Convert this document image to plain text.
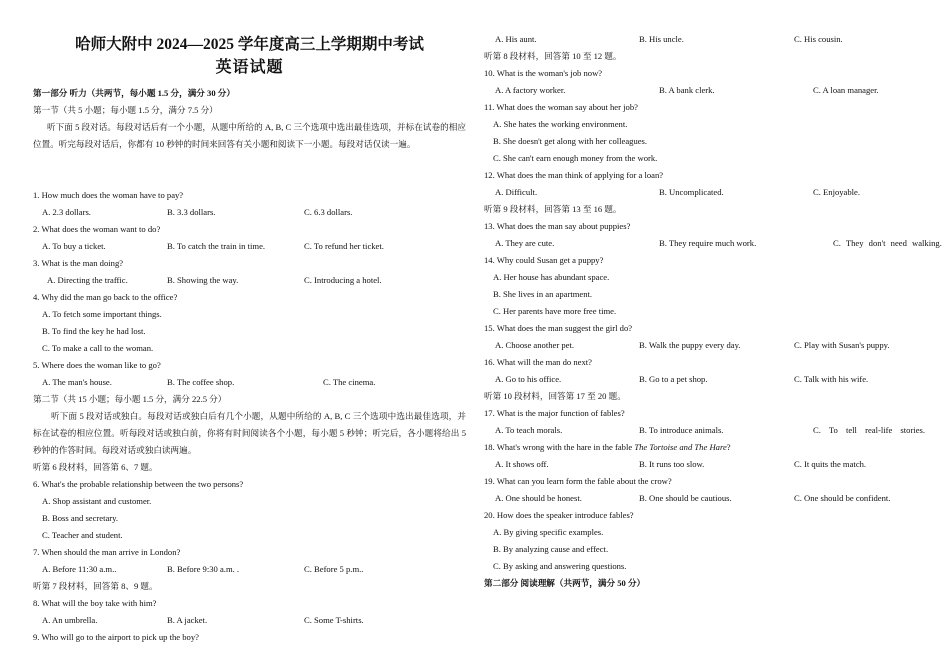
哈师大附中 2024—2025 学年度高三上学期期中考试
英语试题
第一部分 听力（共两节，每小题 1.5 分，满分 30 分）
第一节（共 5 小题；每小题 1.5 分，满分 7.5 分）
听下面 5 段对话。每段对话后有一个小题，从题中所给的 A, B, C 三个选项中选出最佳选项，并标在试卷的相应位置。听完每段对话后，你都有 10 秒钟的时间来回答有关小题和阅读下一小题。每段对话仅读一遍。
1. How much does the woman have to pay?
A. 2.3 dollars.	B. 3.3 dollars.	C. 6.3 dollars.
2. What does the woman want to do?
A. To buy a ticket.	B. To catch the train in time.	C. To refund her ticket.
3. What is the man doing?
A. Directing the traffic.	B. Showing the way.	C. Introducing a hotel.
4. Why did the man go back to the office?
A. To fetch some important things.
B. To find the key he had lost.
C. To make a call to the woman.
5. Where does the woman like to go?
A. The man's house.	B. The coffee shop.	C. The cinema.
第二节（共 15 小题；每小题 1.5 分，满分 22.5 分）
听下面 5 段对话或独白。每段对话或独白后有几个小题，从题中所给的 A, B, C 三个选项中选出最佳选项，并标在试卷的相应位置。听每段对话或独白前，你将有时间阅读各个小题，每小题 5 秒钟；听完后，各小题将给出 5 秒钟的作答时间。每段对话或独白读两遍。
听第 6 段材料，回答第 6、7 题。
6. What's the probable relationship between the two persons?
A. Shop assistant and customer.
B. Boss and secretary.
C. Teacher and student.
7. When should the man arrive in London?
A. Before 11:30 a.m..	B. Before 9:30 a.m. .	C. Before 5 p.m..
听第 7 段材料，回答第 8、9 题。
8. What will the boy take with him?
A. An umbrella.	B. A jacket.	C. Some T-shirts.
9. Who will go to the airport to pick up the boy?
A. His aunt.	B. His uncle.	C. His cousin.
听第 8 段材料，回答第 10 至 12 题。
10. What is the woman's job now?
A. A factory worker.	B. A bank clerk.	C. A loan manager.
11. What does the woman say about her job?
A. She hates the working environment.
B. She doesn't get along with her colleagues.
C. She can't earn enough money from the work.
12. What does the man think of applying for a loan?
A. Difficult.	B. Uncomplicated.	C. Enjoyable.
听第 9 段材料，回答第 13 至 16 题。
13. What does the man say about puppies?
A. They are cute.	B. They require much work.	C. They don't need walking.
14. Why could Susan get a puppy?
A. Her house has abundant space.
B. She lives in an apartment.
C. Her parents have more free time.
15. What does the man suggest the girl do?
A. Choose another pet.	B. Walk the puppy every day.	C. Play with Susan's puppy.
16. What will the man do next?
A. Go to his office.	B. Go to a pet shop.	C. Talk with his wife.
听第 10 段材料，回答第 17 至 20 题。
17. What is the major function of fables?
A. To teach morals.	B. To introduce animals.	C. To tell real-life stories.
18. What's wrong with the hare in the fable The Tortoise and The Hare?
A. It shows off.	B. It runs too slow.	C. It quits the match.
19. What can you learn form the fable about the crow?
A. One should be honest.	B. One should be cautious.	C. One should be confident.
20. How does the speaker introduce fables?
A. By giving specific examples.
B. By analyzing cause and effect.
C. By asking and answering questions.
第二部分 阅读理解（共两节，满分 50 分）
